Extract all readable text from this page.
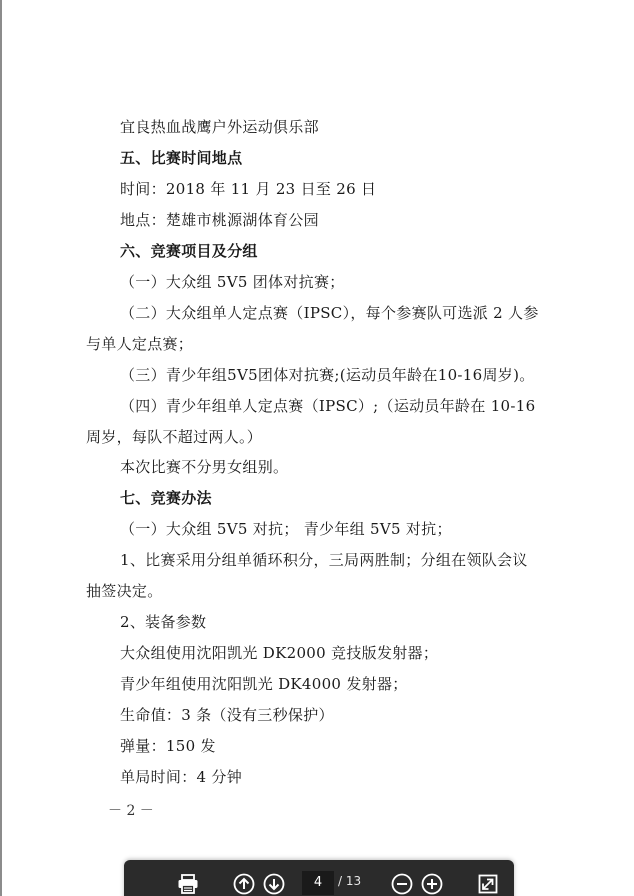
宜良热血战鹰户外运动俱乐部
五、比赛时间地点
时间：2018 年 11 月 23 日至 26 日
地点：楚雄市桃源湖体育公园
六、竞赛项目及分组
（一）大众组 5V5 团体对抗赛；
（二）大众组单人定点赛（IPSC），每个参赛队可选派 2 人参
与单人定点赛；
（三）青少年组5V5团体对抗赛;(运动员年龄在10-16周岁)。
（四）青少年组单人定点赛（IPSC）;（运动员年龄在 10-16
周岁，每队不超过两人。）
本次比赛不分男女组别。
七、竞赛办法
（一）大众组 5V5 对抗； 青少年组 5V5 对抗；
1、比赛采用分组单循环积分，三局两胜制；分组在领队会议
抽签决定。
2、装备参数
大众组使用沈阳凯光 DK2000 竞技版发射器；
青少年组使用沈阳凯光 DK4000 发射器；
生命值：3 条（没有三秒保护）
弹量：150 发
单局时间：4 分钟
－ 2 －
4
/ 13
